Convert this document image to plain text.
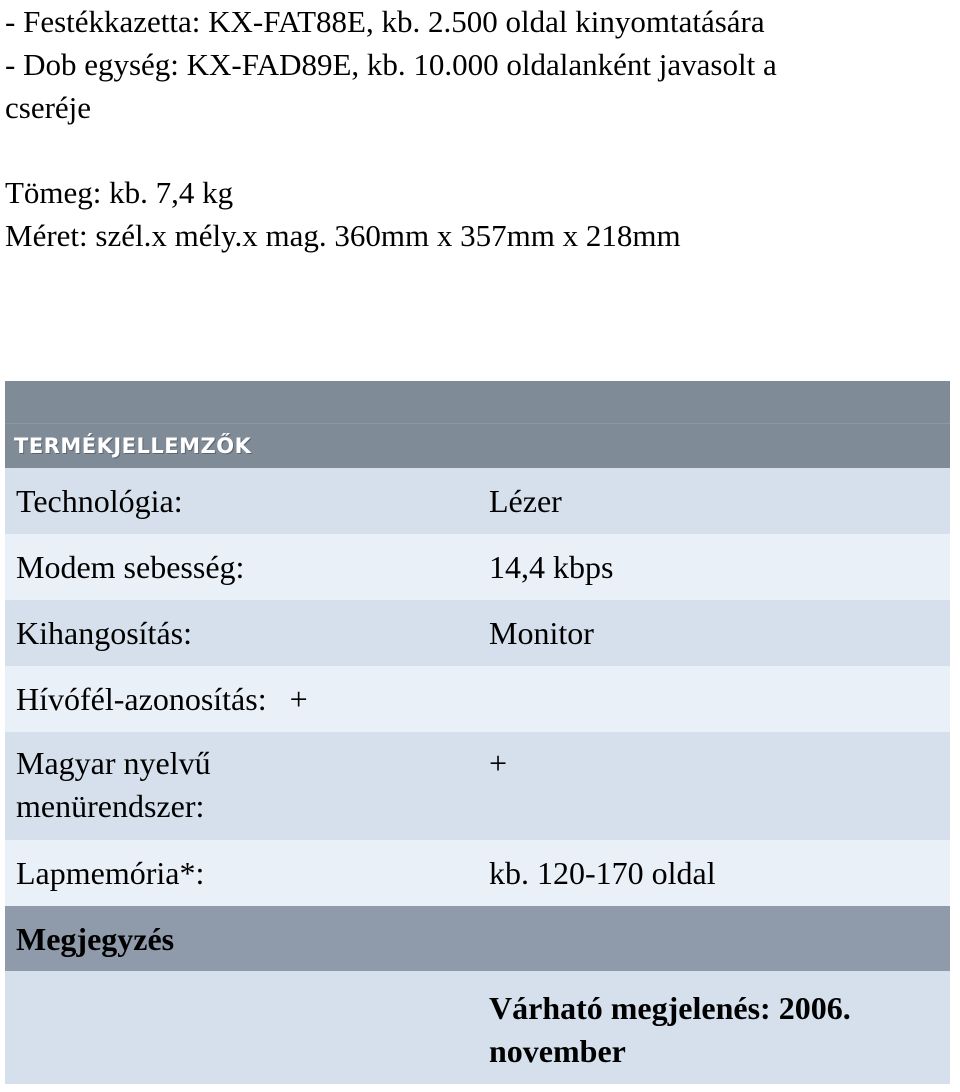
- Festékkazetta: KX-FAT88E, kb. 2.500 oldal kinyomtatására
- Dob egység: KX-FAD89E, kb. 10.000 oldalanként javasolt a
cseréje
Tömeg: kb. 7,4 kg
Méret: szél.x mély.x mag. 360mm x 357mm x 218mm
TERMÉKJELLEMZŐK
Technológia:	Lézer
Modem sebesség:	14,4 kbps
Kihangosítás:	Monitor
Hívófél-azonosítás: +
Magyar nyelvű
menürendszer:
+
Lapmemória*:	kb. 120-170 oldal
Megjegyzés
Várható megjelenés: 2006.
november
